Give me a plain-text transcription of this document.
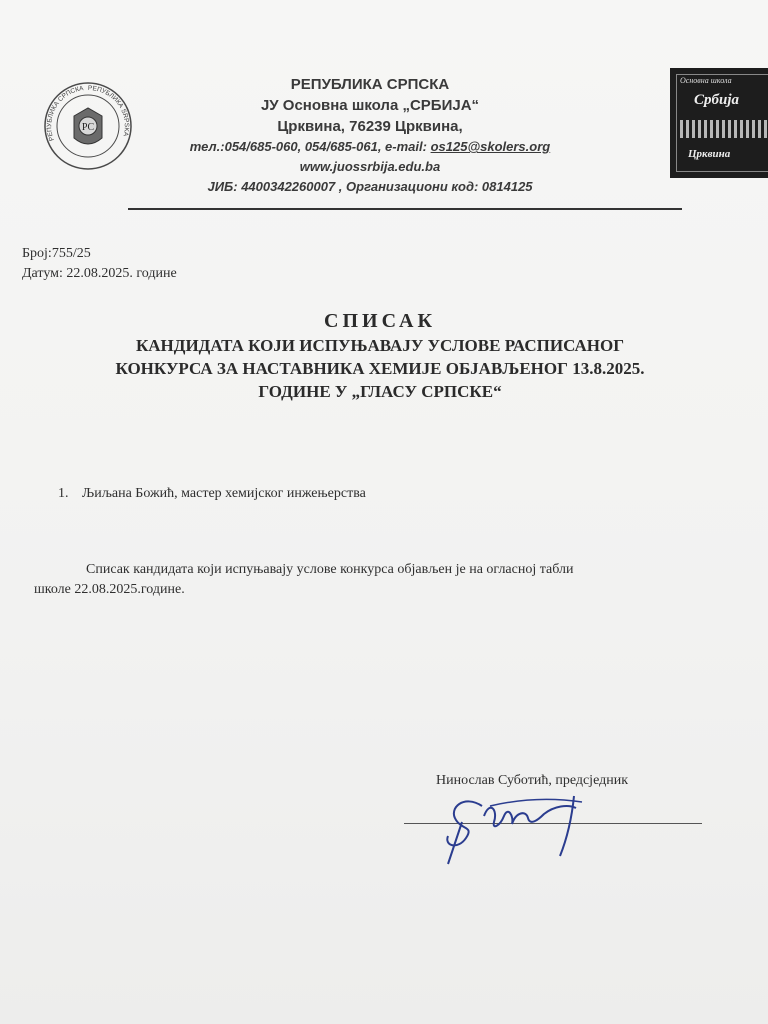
РС
РЕПУБЛИКА СРПСКА РЕПУБЛИКА SRPSKA
РЕПУБЛИКА СРПСКА
ЈУ Основна школа „СРБИЈА“
Црквина, 76239 Црквина,
тел.:054/685-060, 054/685-061, e-mail: os125@skolers.org
www.juossrbija.edu.ba
ЈИБ: 4400342260007 , Организациони код: 0814125
Основна школа
Србија
Црквина
Број:755/25
Датум: 22.08.2025. године
СПИСАК
КАНДИДАТА КОЈИ ИСПУЊАВАЈУ УСЛОВЕ РАСПИСАНОГ
КОНКУРСА ЗА НАСТАВНИКА ХЕМИЈЕ ОБЈАВЉЕНОГ 13.8.2025.
ГОДИНЕ У „ГЛАСУ СРПСКЕ“
1. Љиљана Божић, мастер хемијског инжењерства
Списак кандидата који испуњавају услове конкурса објављен је на огласној табли
школе 22.08.2025.године.
Нинослав Суботић, предсједник
